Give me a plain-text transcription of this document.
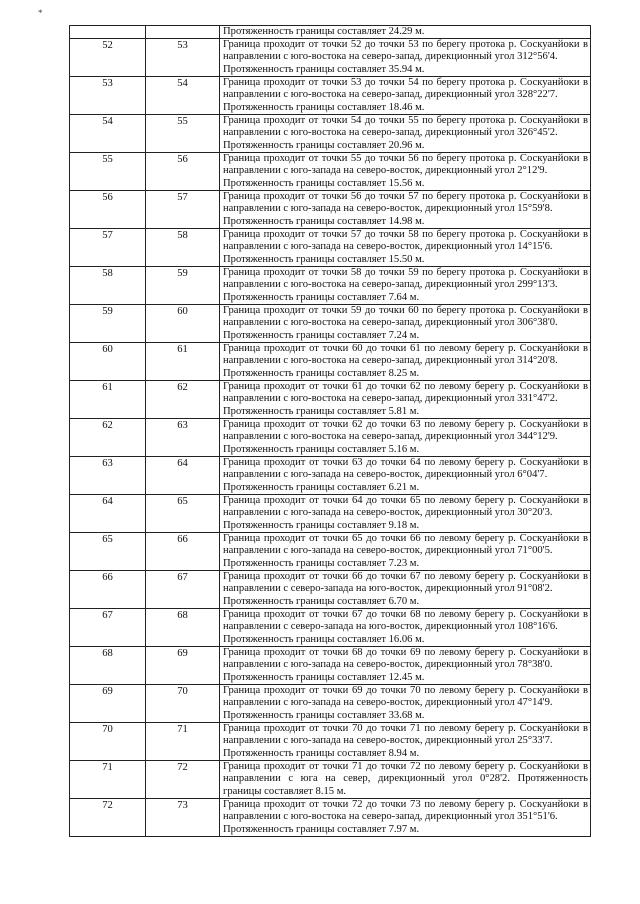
*

		Протяженность границы составляет 24.29 м.

52	53	Граница проходит от точки 52 до точки 53 по берегу протока р. Соскуанйоки в направлении с юго-востока на северо-запад, дирекционный угол 312°56'4.
Протяженность границы составляет 35.94 м.

53	54	Граница проходит от точки 53 до точки 54 по берегу протока р. Соскуанйоки в направлении с юго-востока на северо-запад, дирекционный угол 328°22'7.
Протяженность границы составляет 18.46 м.

54	55	Граница проходит от точки 54 до точки 55 по берегу протока р. Соскуанйоки в направлении с юго-востока на северо-запад, дирекционный угол 326°45'2.
Протяженность границы составляет 20.96 м.

55	56	Граница проходит от точки 55 до точки 56 по берегу протока р. Соскуанйоки в направлении с юго-запада на северо-восток, дирекционный угол 2°12'9.
Протяженность границы составляет 15.56 м.

56	57	Граница проходит от точки 56 до точки 57 по берегу протока р. Соскуанйоки в направлении с юго-запада на северо-восток, дирекционный угол 15°59'8.
Протяженность границы составляет 14.98 м.

57	58	Граница проходит от точки 57 до точки 58 по берегу протока р. Соскуанйоки в направлении с юго-запада на северо-восток, дирекционный угол 14°15'6.
Протяженность границы составляет 15.50 м.

58	59	Граница проходит от точки 58 до точки 59 по берегу протока р. Соскуанйоки в направлении с юго-востока на северо-запад, дирекционный угол 299°13'3.
Протяженность границы составляет 7.64 м.

59	60	Граница проходит от точки 59 до точки 60 по берегу протока р. Соскуанйоки в направлении с юго-востока на северо-запад, дирекционный угол 306°38'0.
Протяженность границы составляет 7.24 м.

60	61	Граница проходит от точки 60 до точки 61 по левому берегу р. Соскуанйоки в направлении с юго-востока на северо-запад, дирекционный угол 314°20'8.
Протяженность границы составляет 8.25 м.

61	62	Граница проходит от точки 61 до точки 62 по левому берегу р. Соскуанйоки в направлении с юго-востока на северо-запад, дирекционный угол 331°47'2.
Протяженность границы составляет 5.81 м.

62	63	Граница проходит от точки 62 до точки 63 по левому берегу р. Соскуанйоки в направлении с юго-востока на северо-запад, дирекционный угол 344°12'9.
Протяженность границы составляет 5.16 м.

63	64	Граница проходит от точки 63 до точки 64 по левому берегу р. Соскуанйоки в направлении с юго-запада на северо-восток, дирекционный угол 6°04'7.
Протяженность границы составляет 6.21 м.

64	65	Граница проходит от точки 64 до точки 65 по левому берегу р. Соскуанйоки в направлении с юго-запада на северо-восток, дирекционный угол 30°20'3.
Протяженность границы составляет 9.18 м.

65	66	Граница проходит от точки 65 до точки 66 по левому берегу р. Соскуанйоки в направлении с юго-запада на северо-восток, дирекционный угол 71°00'5.
Протяженность границы составляет 7.23 м.

66	67	Граница проходит от точки 66 до точки 67 по левому берегу р. Соскуанйоки в направлении с северо-запада на юго-восток, дирекционный угол 91°08'2.
Протяженность границы составляет 6.70 м.

67	68	Граница проходит от точки 67 до точки 68 по левому берегу р. Соскуанйоки в направлении с северо-запада на юго-восток, дирекционный угол 108°16'6.
Протяженность границы составляет 16.06 м.

68	69	Граница проходит от точки 68 до точки 69 по левому берегу р. Соскуанйоки в направлении с юго-запада на северо-восток, дирекционный угол 78°38'0.
Протяженность границы составляет 12.45 м.

69	70	Граница проходит от точки 69 до точки 70 по левому берегу р. Соскуанйоки в направлении с юго-запада на северо-восток, дирекционный угол 47°14'9.
Протяженность границы составляет 33.68 м.

70	71	Граница проходит от точки 70 до точки 71 по левому берегу р. Соскуанйоки в направлении с юго-запада на северо-восток, дирекционный угол 25°33'7.
Протяженность границы составляет 8.94 м.

71	72	Граница проходит от точки 71 до точки 72 по левому берегу р. Соскуанйоки в направлении с юга на север, дирекционный угол 0°28'2. Протяженность границы составляет 8.15 м.

72	73	Граница проходит от точки 72 до точки 73 по левому берегу р. Соскуанйоки в направлении с юго-востока на северо-запад, дирекционный угол 351°51'6.
Протяженность границы составляет 7.97 м.
